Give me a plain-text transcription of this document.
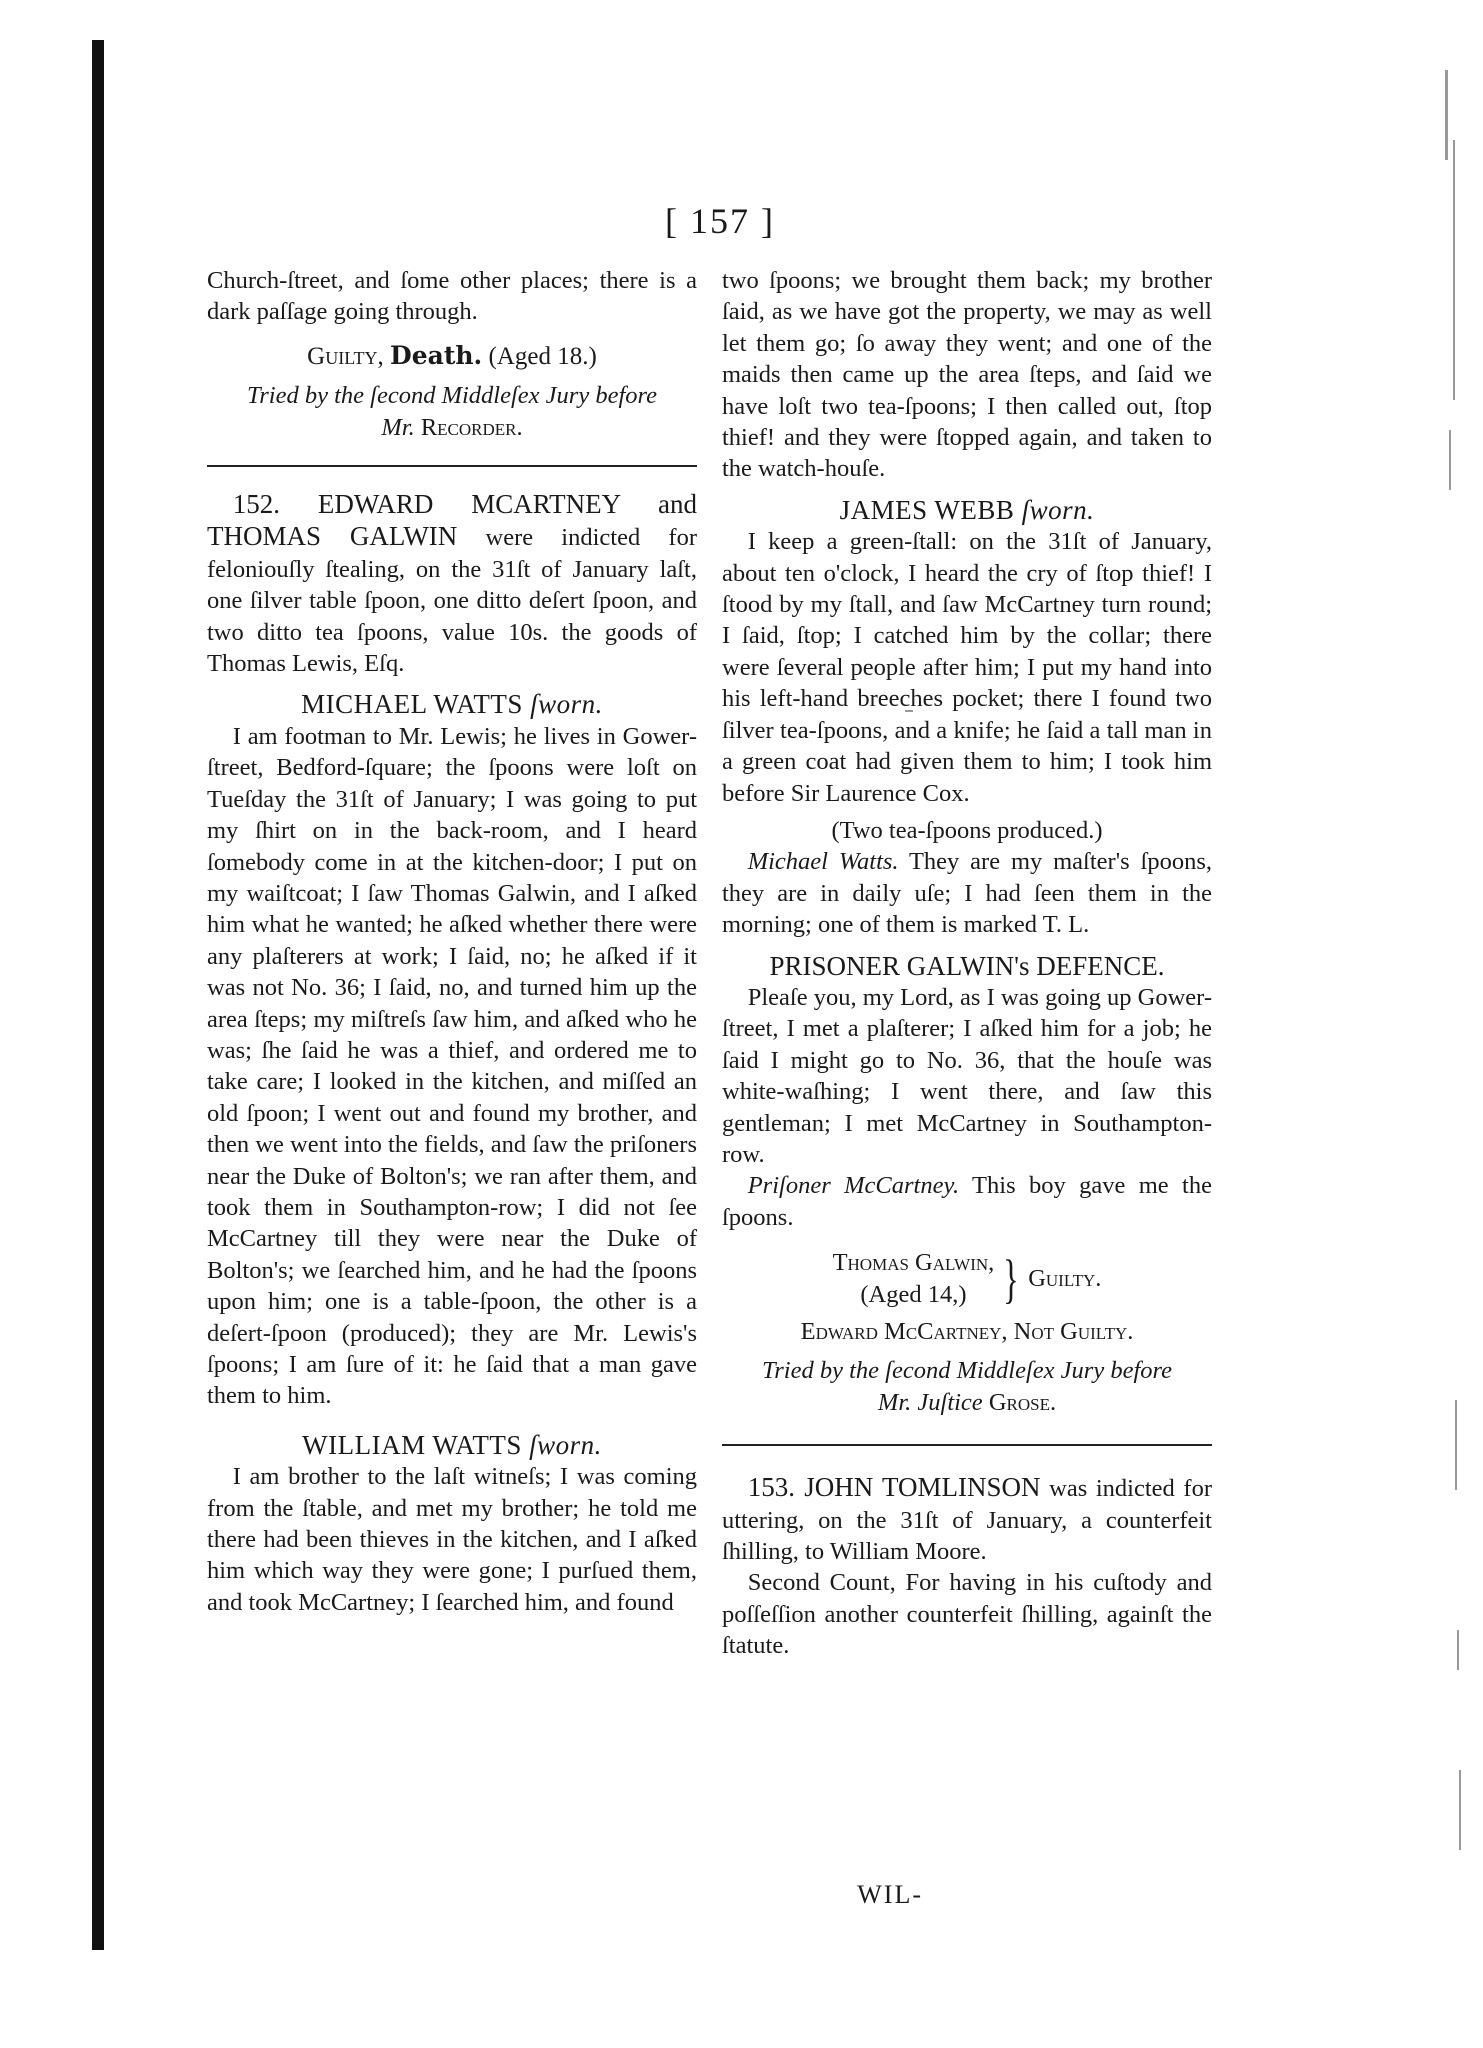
[ 157 ]

Church-ſtreet, and ſome other places; there is a dark paſſage going through.

Guilty, Death. (Aged 18.)
Tried by the ſecond Middleſex Jury before
Mr. Recorder.

152. EDWARD MCARTNEY and THOMAS GALWIN were indicted for feloniouſly ſtealing, on the 31ſt of January laſt, one ſilver table ſpoon, one ditto deſert ſpoon, and two ditto tea ſpoons, value 10s. the goods of Thomas Lewis, Eſq.

MICHAEL WATTS ſworn.

I am footman to Mr. Lewis; he lives in Gower-ſtreet, Bedford-ſquare; the ſpoons were loſt on Tueſday the 31ſt of January; I was going to put my ſhirt on in the back-room, and I heard ſomebody come in at the kitchen-door; I put on my waiſtcoat; I ſaw Thomas Galwin, and I aſked him what he wanted; he aſked whether there were any plaſterers at work; I ſaid, no; he aſked if it was not No. 36; I ſaid, no, and turned him up the area ſteps; my miſtreſs ſaw him, and aſked who he was; ſhe ſaid he was a thief, and ordered me to take care; I looked in the kitchen, and miſſed an old ſpoon; I went out and found my brother, and then we went into the fields, and ſaw the priſoners near the Duke of Bolton's; we ran after them, and took them in Southampton-row; I did not ſee McCartney till they were near the Duke of Bolton's; we ſearched him, and he had the ſpoons upon him; one is a table-ſpoon, the other is a deſert-ſpoon (produced); they are Mr. Lewis's ſpoons; I am ſure of it: he ſaid that a man gave them to him.

WILLIAM WATTS ſworn.

I am brother to the laſt witneſs; I was coming from the ſtable, and met my brother; he told me there had been thieves in the kitchen, and I aſked him which way they were gone; I purſued them, and took McCartney; I ſearched him, and found

two ſpoons; we brought them back; my brother ſaid, as we have got the property, we may as well let them go; ſo away they went; and one of the maids then came up the area ſteps, and ſaid we have loſt two tea-ſpoons; I then called out, ſtop thief! and they were ſtopped again, and taken to the watch-houſe.

JAMES WEBB ſworn.

I keep a green-ſtall: on the 31ſt of January, about ten o'clock, I heard the cry of ſtop thief! I ſtood by my ſtall, and ſaw McCartney turn round; I ſaid, ſtop; I catched him by the collar; there were ſeveral people after him; I put my hand into his left-hand breeches pocket; there I found two ſilver tea-ſpoons, and a knife; he ſaid a tall man in a green coat had given them to him; I took him before Sir Laurence Cox.

(Two tea-ſpoons produced.)

Michael Watts. They are my maſter's ſpoons, they are in daily uſe; I had ſeen them in the morning; one of them is marked T. L.

PRISONER GALWIN's DEFENCE.

Pleaſe you, my Lord, as I was going up Gower-ſtreet, I met a plaſterer; I aſked him for a job; he ſaid I might go to No. 36, that the houſe was white-waſhing; I went there, and ſaw this gentleman; I met McCartney in Southampton-row.

Priſoner McCartney. This boy gave me the ſpoons.

Thomas Galwin,
(Aged 14,) } Guilty.
Edward McCartney, Not Guilty.
Tried by the ſecond Middleſex Jury before
Mr. Juſtice Grose.

153. JOHN TOMLINSON was indicted for uttering, on the 31ſt of January, a counterfeit ſhilling, to William Moore.

Second Count, For having in his cuſtody and poſſeſſion another counterfeit ſhilling, againſt the ſtatute.

WIL-
